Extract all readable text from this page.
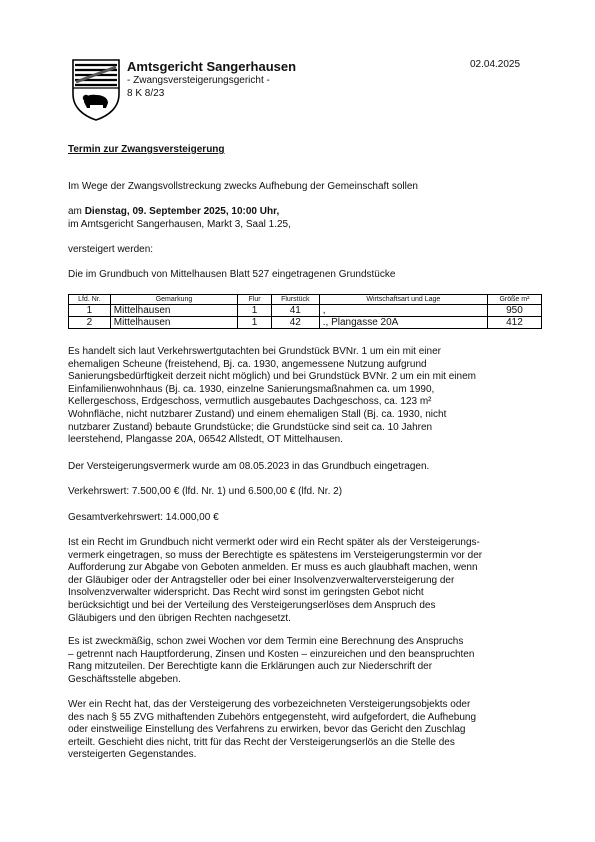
Amtsgericht Sangerhausen
- Zwangsversteigerungsgericht -
8 K 8/23
02.04.2025
Termin zur Zwangsversteigerung
Im Wege der Zwangsvollstreckung zwecks Aufhebung der Gemeinschaft sollen
am Dienstag, 09. September 2025, 10:00 Uhr,
im Amtsgericht Sangerhausen, Markt 3, Saal 1.25,
versteigert werden:
Die im Grundbuch von Mittelhausen Blatt 527 eingetragenen Grundstücke
Lfd. Nr.	Gemarkung	Flur	Flurstück	Wirtschaftsart und Lage	Größe m²
1	Mittelhausen	1	41	,	950
2	Mittelhausen	1	42	., Plangasse 20A	412
Es handelt sich laut Verkehrswertgutachten bei Grundstück BVNr. 1 um ein mit einer
ehemaligen Scheune (freistehend, Bj. ca. 1930, angemessene Nutzung aufgrund
Sanierungsbedürftigkeit derzeit nicht möglich) und bei Grundstück BVNr. 2 um ein mit einem
Einfamilienwohnhaus (Bj. ca. 1930, einzelne Sanierungsmaßnahmen ca. um 1990,
Kellergeschoss, Erdgeschoss, vermutlich ausgebautes Dachgeschoss, ca. 123 m²
Wohnfläche, nicht nutzbarer Zustand) und einem ehemaligen Stall (Bj. ca. 1930, nicht
nutzbarer Zustand) bebaute Grundstücke; die Grundstücke sind seit ca. 10 Jahren
leerstehend, Plangasse 20A, 06542 Allstedt, OT Mittelhausen.
Der Versteigerungsvermerk wurde am 08.05.2023 in das Grundbuch eingetragen.
Verkehrswert: 7.500,00 € (lfd. Nr. 1) und 6.500,00 € (lfd. Nr. 2)
Gesamtverkehrswert: 14.000,00 €
Ist ein Recht im Grundbuch nicht vermerkt oder wird ein Recht später als der Versteigerungs-
vermerk eingetragen, so muss der Berechtigte es spätestens im Versteigerungstermin vor der
Aufforderung zur Abgabe von Geboten anmelden. Er muss es auch glaubhaft machen, wenn
der Gläubiger oder der Antragsteller oder bei einer Insolvenzverwalterversteigerung der
Insolvenzverwalter widerspricht. Das Recht wird sonst im geringsten Gebot nicht
berücksichtigt und bei der Verteilung des Versteigerungserlöses dem Anspruch des
Gläubigers und den übrigen Rechten nachgesetzt.
Es ist zweckmäßig, schon zwei Wochen vor dem Termin eine Berechnung des Anspruchs
– getrennt nach Hauptforderung, Zinsen und Kosten – einzureichen und den beanspruchten
Rang mitzuteilen. Der Berechtigte kann die Erklärungen auch zur Niederschrift der
Geschäftsstelle abgeben.
Wer ein Recht hat, das der Versteigerung des vorbezeichneten Versteigerungsobjekts oder
des nach § 55 ZVG mithaftenden Zubehörs entgegensteht, wird aufgefordert, die Aufhebung
oder einstweilige Einstellung des Verfahrens zu erwirken, bevor das Gericht den Zuschlag
erteilt. Geschieht dies nicht, tritt für das Recht der Versteigerungserlös an die Stelle des
versteigerten Gegenstandes.
